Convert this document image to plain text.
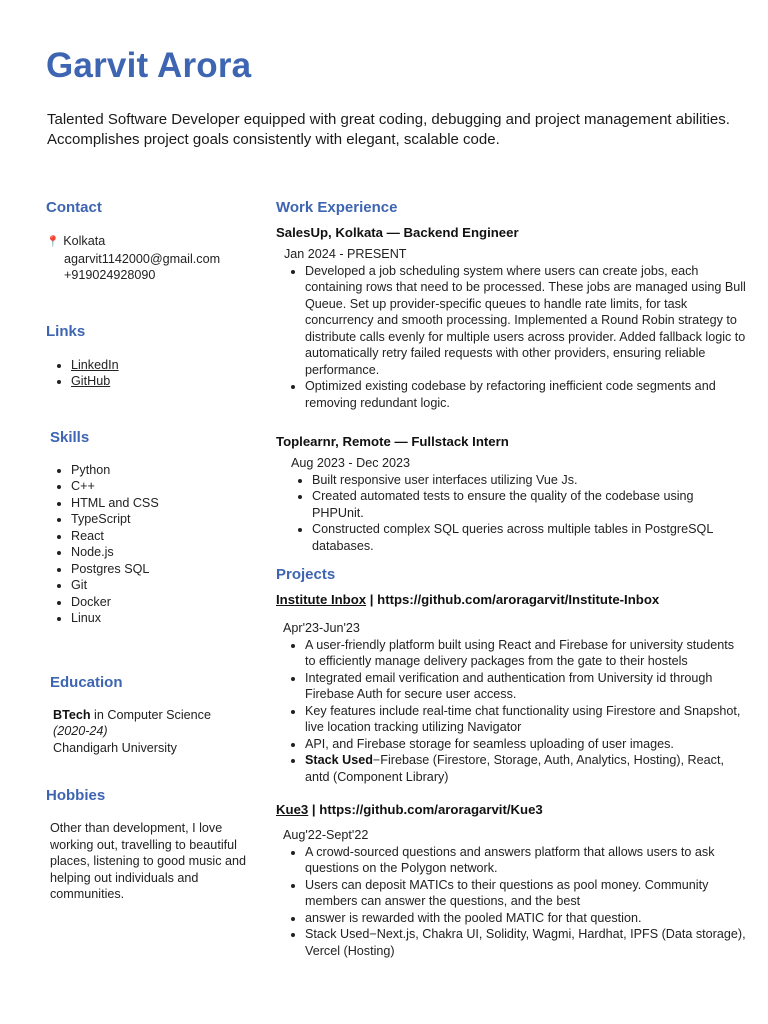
Garvit Arora

Talented Software Developer equipped with great coding, debugging and project management abilities. Accomplishes project goals consistently with elegant, scalable code.

Contact
📍 Kolkata
agarvit1142000@gmail.com
+919024928090
Links
• LinkedIn
• GitHub
Skills
• Python
• C++
• HTML and CSS
• TypeScript
• React
• Node.js
• Postgres SQL
• Git
• Docker
• Linux
Education
BTech in Computer Science
(2020-24)
Chandigarh University
Hobbies

Other than development, I love working out, travelling to beautiful places, listening to good music and helping out individuals and communities.

Work Experience

SalesUp, Kolkata — Backend Engineer

Jan 2024 - PRESENT

• Developed a job scheduling system where users can create jobs, each containing rows that need to be processed. These jobs are managed using Bull Queue. Set up provider-specific queues to handle rate limits, for task concurrency and smooth processing. Implemented a Round Robin strategy to distribute calls evenly for multiple users across provider. Added fallback logic to automatically retry failed requests with other providers, ensuring reliable performance.
• Optimized existing codebase by refactoring inefficient code segments and removing redundant logic.

Toplearnr, Remote — Fullstack Intern

Aug 2023 - Dec 2023

• Built responsive user interfaces utilizing Vue Js.
• Created automated tests to ensure the quality of the codebase using PHPUnit.
• Constructed complex SQL queries across multiple tables in PostgreSQL databases.
Projects

Institute Inbox | https://github.com/aroragarvit/Institute-Inbox

Apr'23-Jun'23

• A user-friendly platform built using React and Firebase for university students to efficiently manage delivery packages from the gate to their hostels
• Integrated email verification and authentication from University id through Firebase Auth for secure user access.
• Key features include real-time chat functionality using Firestore and Snapshot, live location tracking utilizing Navigator
• API, and Firebase storage for seamless uploading of user images.
• Stack Used−Firebase (Firestore, Storage, Auth, Analytics, Hosting), React, antd (Component Library)

Kue3 | https://github.com/aroragarvit/Kue3

Aug'22-Sept'22

• A crowd-sourced questions and answers platform that allows users to ask questions on the Polygon network.
• Users can deposit MATICs to their questions as pool money. Community members can answer the questions, and the best
• answer is rewarded with the pooled MATIC for that question.
• Stack Used−Next.js, Chakra UI, Solidity, Wagmi, Hardhat, IPFS (Data storage), Vercel (Hosting)
